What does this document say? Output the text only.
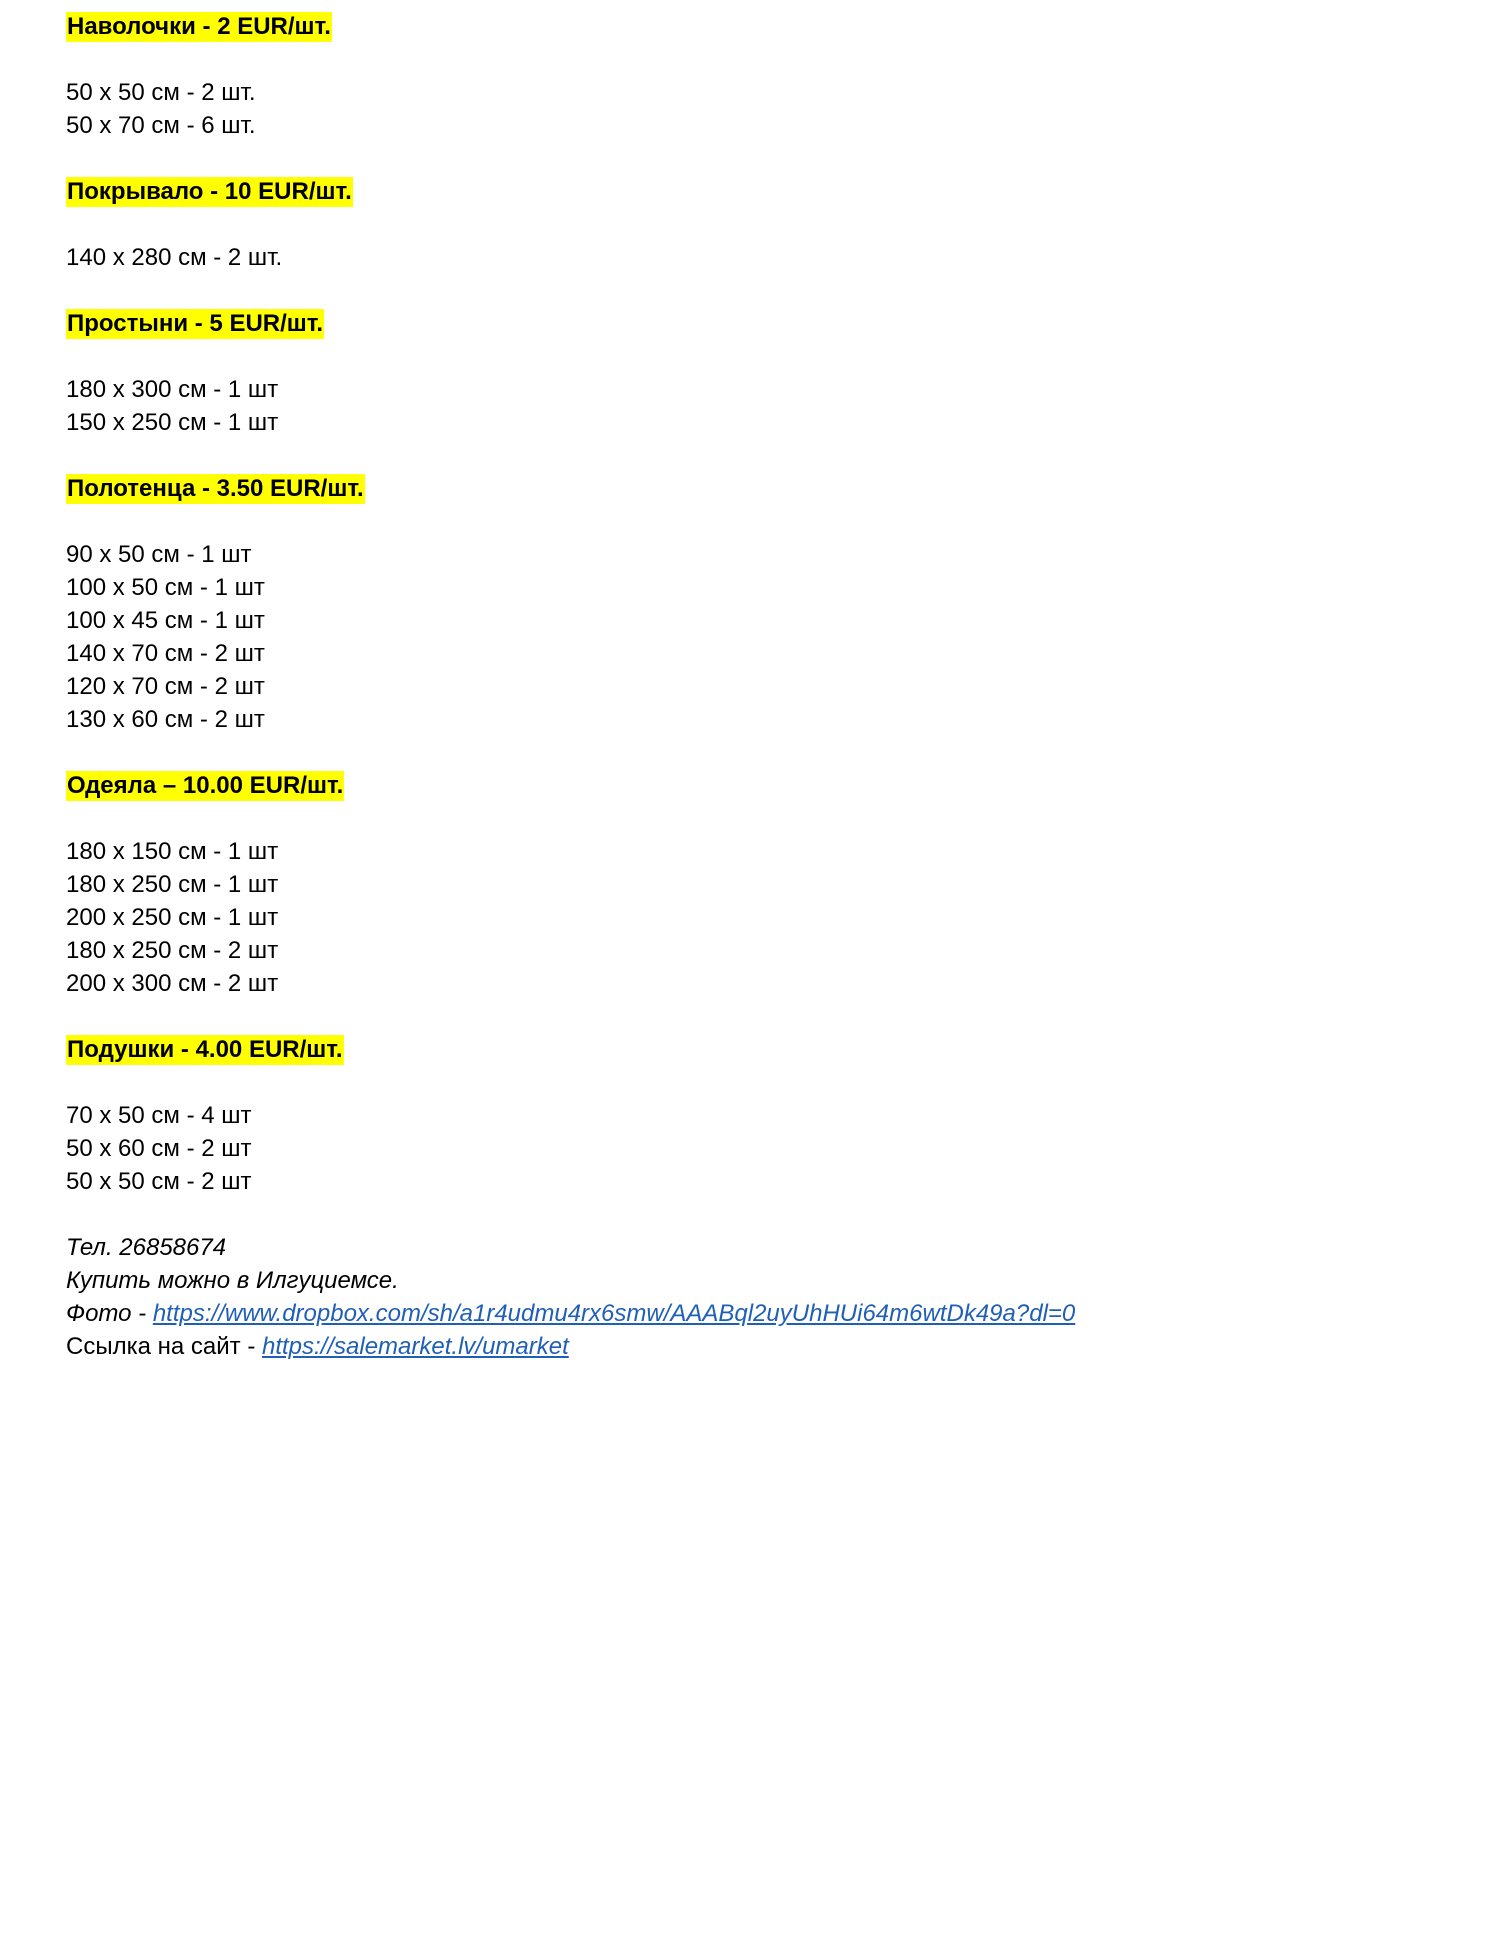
Наволочки - 2 EUR/шт.
50 x 50 см - 2 шт.
50 x 70 см - 6 шт.
Покрывало - 10 EUR/шт.
140 x 280 см - 2 шт.
Простыни - 5 EUR/шт.
180 x 300 см - 1 шт
150 x 250 см - 1 шт
Полотенца - 3.50 EUR/шт.
90 x 50 см - 1 шт
100 x 50 см - 1 шт
100 x 45 см - 1 шт
140 x 70 см - 2 шт
120 x 70 см - 2 шт
130 x 60 см - 2 шт
Одеяла – 10.00 EUR/шт.
180 x 150 см - 1 шт
180 x 250 см - 1 шт
200 x 250 см - 1 шт
180 x 250 см - 2 шт
200 x 300 см - 2 шт
Подушки - 4.00 EUR/шт.
70 x 50 см - 4 шт
50 x 60 см - 2 шт
50 x 50 см - 2 шт
Тел. 26858674
Купить можно в Илгуциемсе.
Фото - https://www.dropbox.com/sh/a1r4udmu4rx6smw/AAABql2uyUhHUi64m6wtDk49a?dl=0
Ссылка на сайт - https://salemarket.lv/umarket
